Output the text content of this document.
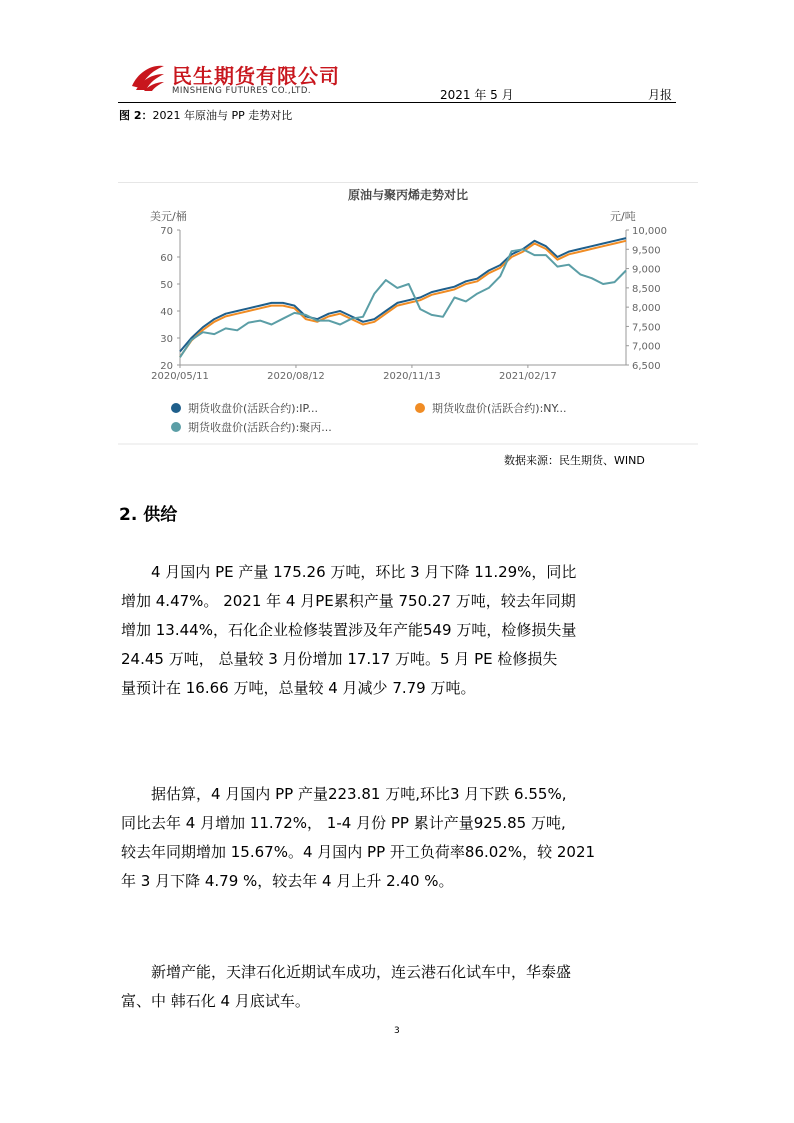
民生期货有限公司
MINSHENG FUTURES CO.,LTD.	2021 年 5 月	月报
图 2：2021 年原油与 PP 走势对比
原油与聚丙烯走势对比
美元/桶	元/吨
70
60
50
40
30
20
10,000
9,500
9,000
8,500
8,000
7,500
7,000
6,500
2020/05/11	2020/08/12	2020/11/13	2021/02/17
期货收盘价(活跃合约):IP...	期货收盘价(活跃合约):NY...
期货收盘价(活跃合约):聚丙...
数据来源：民生期货、WIND
2. 供给
4 月国内 PE 产量 175.26 万吨，环比 3 月下降 11.29%，同比
增加 4.47%。 2021 年 4 月PE累积产量 750.27 万吨，较去年同期
增加 13.44%，石化企业检修装置涉及年产能549 万吨，检修损失量
24.45 万吨， 总量较 3 月份增加 17.17 万吨。5 月 PE 检修损失
量预计在 16.66 万吨，总量较 4 月减少 7.79 万吨。
据估算，4 月国内 PP 产量223.81 万吨,环比3 月下跌 6.55%,
同比去年 4 月增加 11.72%， 1-4 月份 PP 累计产量925.85 万吨,
较去年同期增加 15.67%。4 月国内 PP 开工负荷率86.02%，较 2021
年 3 月下降 4.79 %，较去年 4 月上升 2.40 %。
新增产能，天津石化近期试车成功，连云港石化试车中，华泰盛
富、中 韩石化 4 月底试车。
3
